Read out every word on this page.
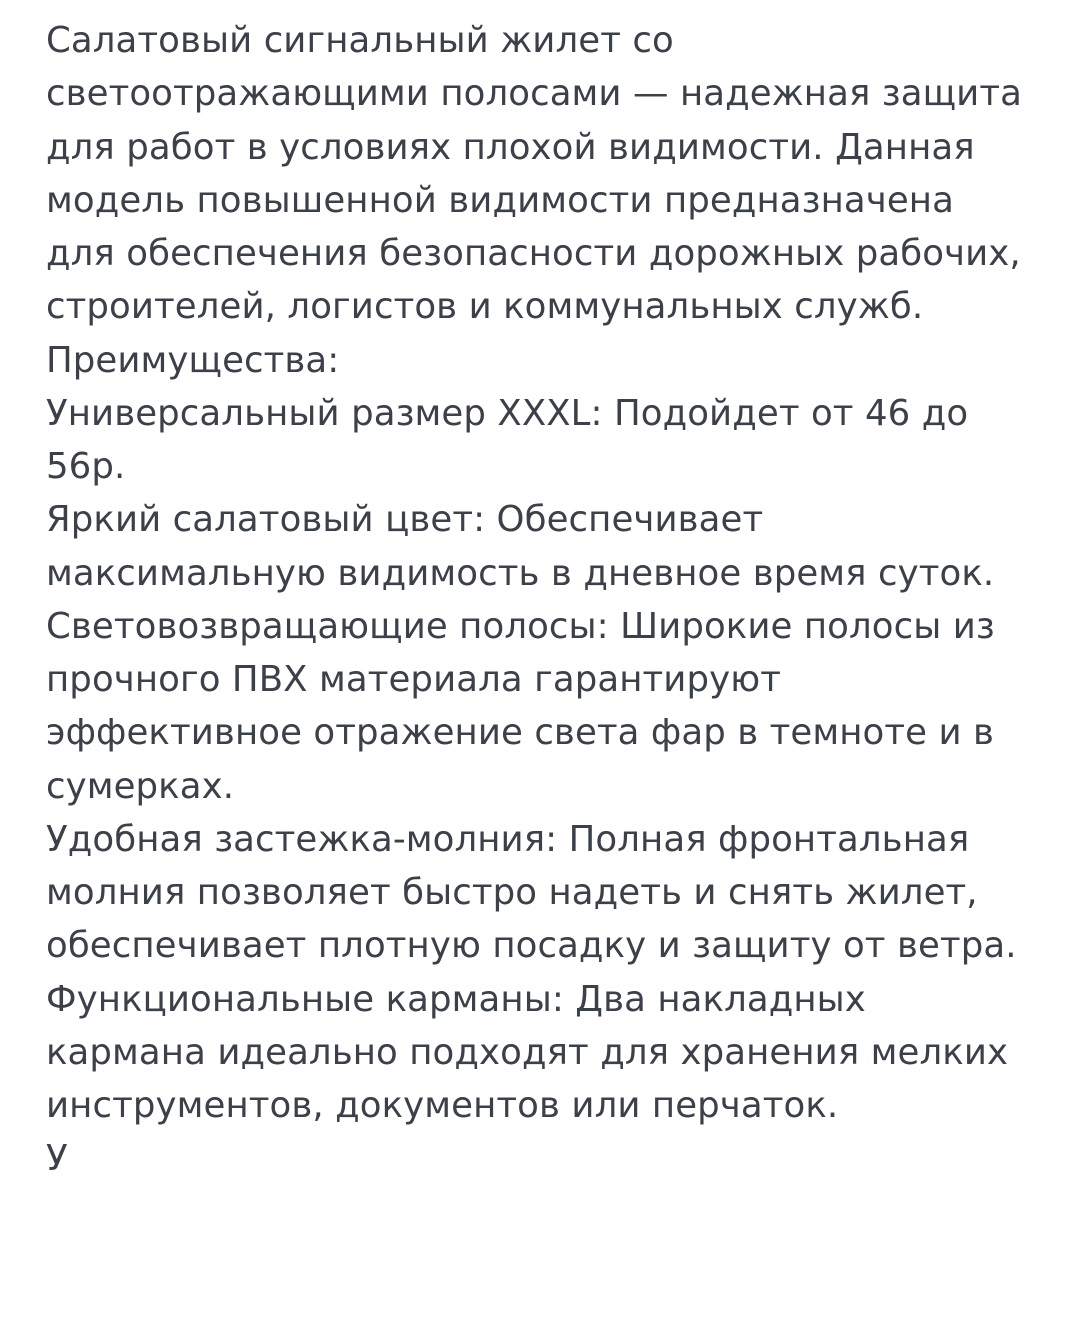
Салатовый сигнальный жилет со светоотражающими полосами — надежная защита для работ в условиях плохой видимости. Данная модель повышенной видимости предназначена для обеспечения безопасности дорожных рабочих, строителей, логистов и коммунальных служб.

Преимущества:

Универсальный размер XXXL: Подойдет от 46 до 56р.

Яркий салатовый цвет: Обеспечивает максимальную видимость в дневное время суток.

Световозвращающие полосы: Широкие полосы из прочного ПВХ материала гарантируют эффективное отражение света фар в темноте и в сумерках.

Удобная застежка-молния: Полная фронтальная молния позволяет быстро надеть и снять жилет, обеспечивает плотную посадку и защиту от ветра.

Функциональные карманы: Два накладных кармана идеально подходят для хранения мелких инструментов, документов или перчаток.

У
